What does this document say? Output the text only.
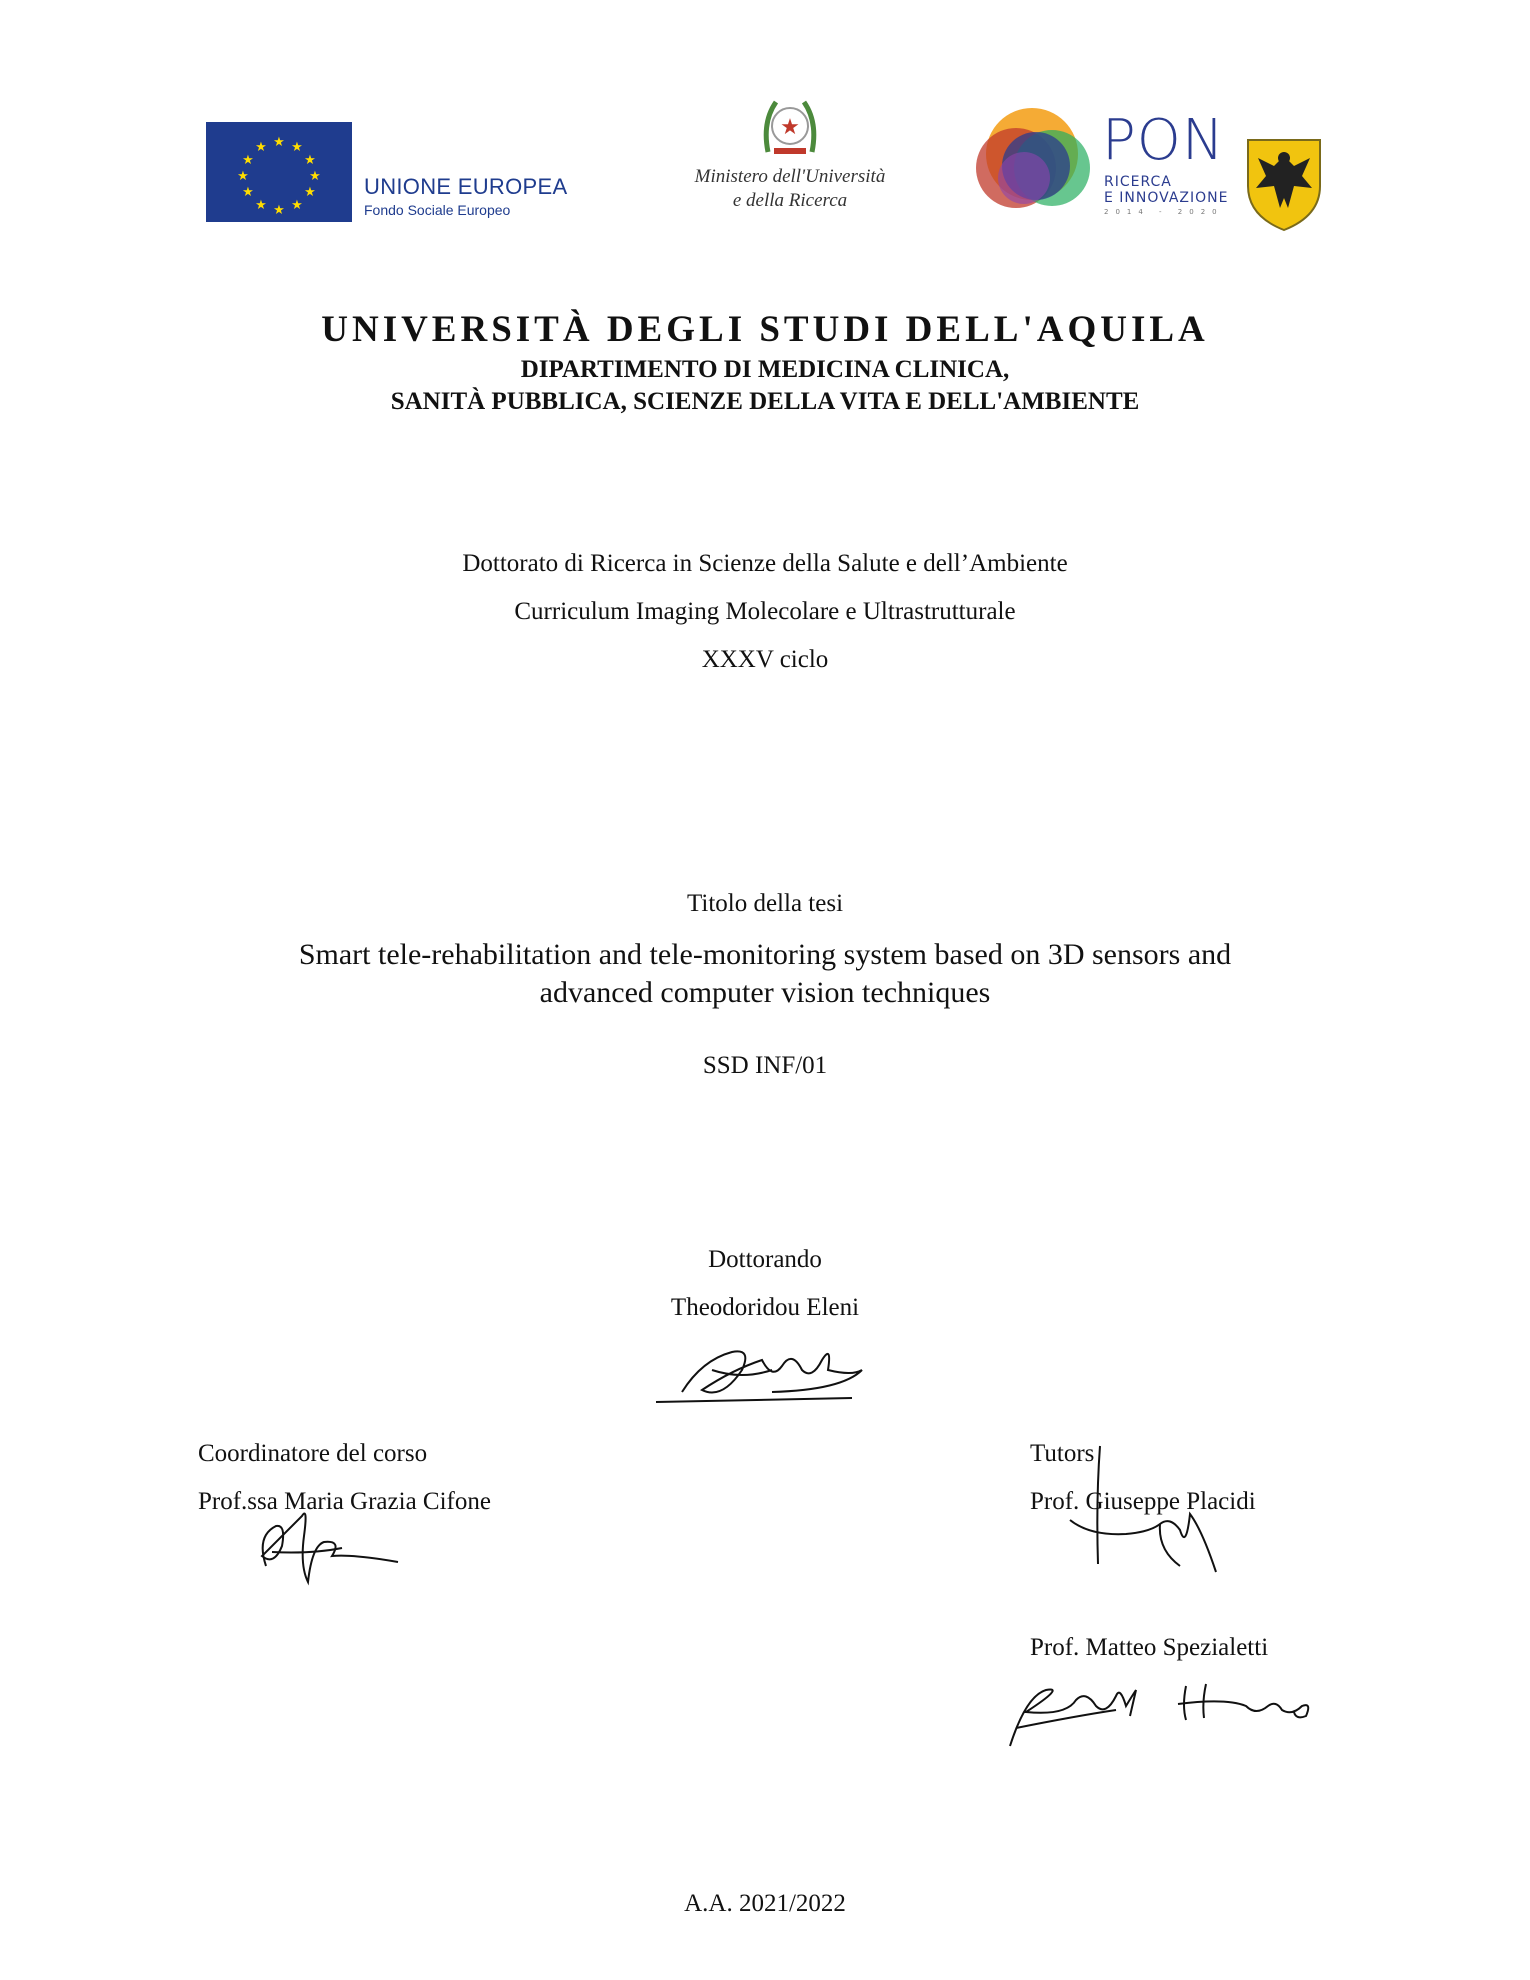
★ ★
★
★
★
★
★
★
★
★
★
★
UNIONE EUROPEA
Fondo Sociale Europeo
★
Ministero dell'Università
e della Ricerca
PON
RICERCA
E INNOVAZIONE
2014 - 2020
UNIVERSITÀ DEGLI STUDI DELL'AQUILA
DIPARTIMENTO DI MEDICINA CLINICA,
SANITÀ PUBBLICA, SCIENZE DELLA VITA E DELL'AMBIENTE
Dottorato di Ricerca in Scienze della Salute e dell’Ambiente
Curriculum Imaging Molecolare e Ultrastrutturale
XXXV ciclo
Titolo della tesi
Smart tele-rehabilitation and tele-monitoring system based on 3D sensors and
advanced computer vision techniques
SSD INF/01
Dottorando
Theodoridou Eleni
Coordinatore del corso
Prof.ssa Maria Grazia Cifone
Tutors
Prof. Giuseppe Placidi
Prof. Matteo Spezialetti
A.A. 2021/2022
